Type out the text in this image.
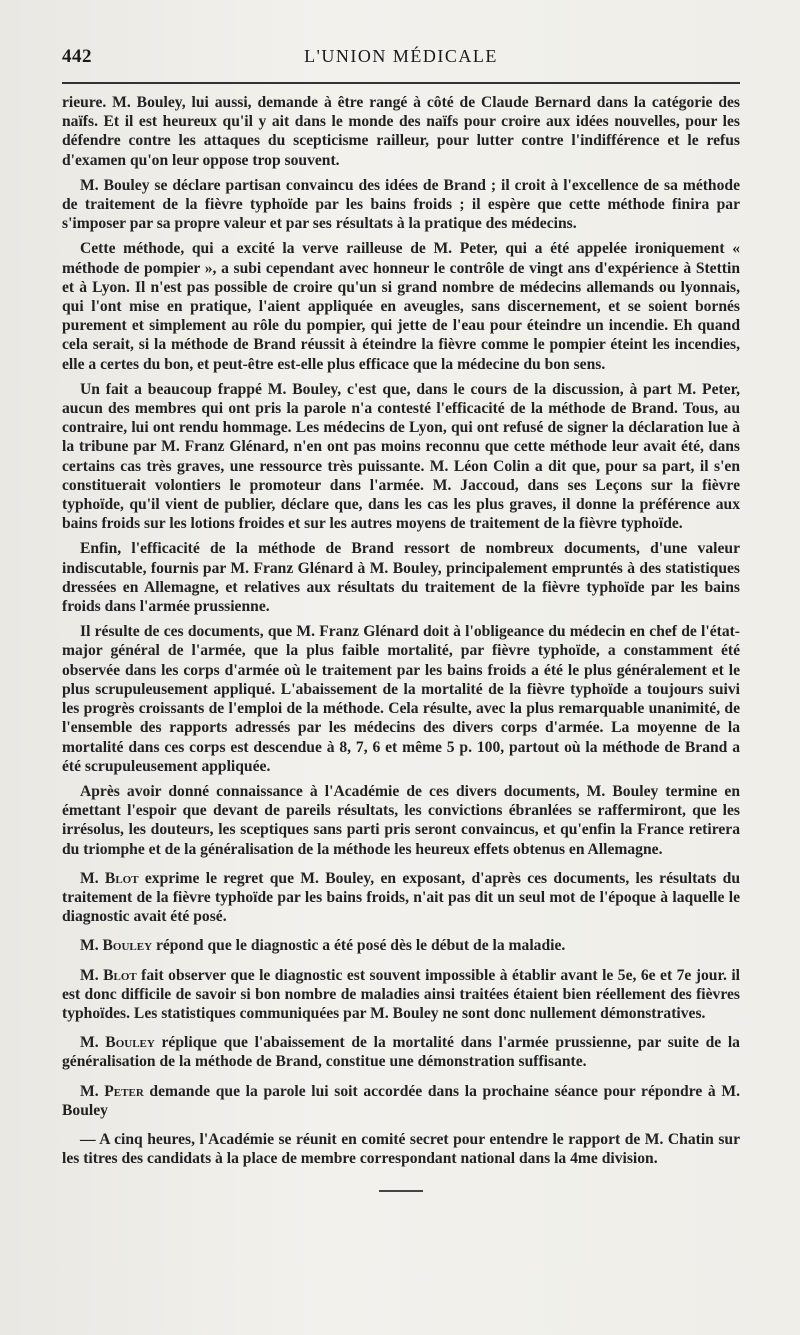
442	L'UNION MÉDICALE

rieure. M. Bouley, lui aussi, demande à être rangé à côté de Claude Bernard dans la catégorie des naïfs. Et il est heureux qu'il y ait dans le monde des naïfs pour croire aux idées nouvelles, pour les défendre contre les attaques du scepticisme railleur, pour lutter contre l'indifférence et le refus d'examen qu'on leur oppose trop souvent.

M. Bouley se déclare partisan convaincu des idées de Brand ; il croit à l'excellence de sa méthode de traitement de la fièvre typhoïde par les bains froids ; il espère que cette méthode finira par s'imposer par sa propre valeur et par ses résultats à la pratique des médecins.

Cette méthode, qui a excité la verve railleuse de M. Peter, qui a été appelée ironiquement « méthode de pompier », a subi cependant avec honneur le contrôle de vingt ans d'expérience à Stettin et à Lyon. Il n'est pas possible de croire qu'un si grand nombre de médecins allemands ou lyonnais, qui l'ont mise en pratique, l'aient appliquée en aveugles, sans discernement, et se soient bornés purement et simplement au rôle du pompier, qui jette de l'eau pour éteindre un incendie. Eh quand cela serait, si la méthode de Brand réussit à éteindre la fièvre comme le pompier éteint les incendies, elle a certes du bon, et peut-être est-elle plus efficace que la médecine du bon sens.

Un fait a beaucoup frappé M. Bouley, c'est que, dans le cours de la discussion, à part M. Peter, aucun des membres qui ont pris la parole n'a contesté l'efficacité de la méthode de Brand. Tous, au contraire, lui ont rendu hommage. Les médecins de Lyon, qui ont refusé de signer la déclaration lue à la tribune par M. Franz Glénard, n'en ont pas moins reconnu que cette méthode leur avait été, dans certains cas très graves, une ressource très puissante. M. Léon Colin a dit que, pour sa part, il s'en constituerait volontiers le promoteur dans l'armée. M. Jaccoud, dans ses Leçons sur la fièvre typhoïde, qu'il vient de publier, déclare que, dans les cas les plus graves, il donne la préférence aux bains froids sur les lotions froides et sur les autres moyens de traitement de la fièvre typhoïde.

Enfin, l'efficacité de la méthode de Brand ressort de nombreux documents, d'une valeur indiscutable, fournis par M. Franz Glénard à M. Bouley, principalement empruntés à des statistiques dressées en Allemagne, et relatives aux résultats du traitement de la fièvre typhoïde par les bains froids dans l'armée prussienne.

Il résulte de ces documents, que M. Franz Glénard doit à l'obligeance du médecin en chef de l'état-major général de l'armée, que la plus faible mortalité, par fièvre typhoïde, a constamment été observée dans les corps d'armée où le traitement par les bains froids a été le plus généralement et le plus scrupuleusement appliqué. L'abaissement de la mortalité de la fièvre typhoïde a toujours suivi les progrès croissants de l'emploi de la méthode. Cela résulte, avec la plus remarquable unanimité, de l'ensemble des rapports adressés par les médecins des divers corps d'armée. La moyenne de la mortalité dans ces corps est descendue à 8, 7, 6 et même 5 p. 100, partout où la méthode de Brand a été scrupuleusement appliquée.

Après avoir donné connaissance à l'Académie de ces divers documents, M. Bouley termine en émettant l'espoir que devant de pareils résultats, les convictions ébranlées se raffermiront, que les irrésolus, les douteurs, les sceptiques sans parti pris seront convaincus, et qu'enfin la France retirera du triomphe et de la généralisation de la méthode les heureux effets obtenus en Allemagne.

M. Blot exprime le regret que M. Bouley, en exposant, d'après ces documents, les résultats du traitement de la fièvre typhoïde par les bains froids, n'ait pas dit un seul mot de l'époque à laquelle le diagnostic avait été posé.

M. Bouley répond que le diagnostic a été posé dès le début de la maladie.

M. Blot fait observer que le diagnostic est souvent impossible à établir avant le 5e, 6e et 7e jour. il est donc difficile de savoir si bon nombre de maladies ainsi traitées étaient bien réellement des fièvres typhoïdes. Les statistiques communiquées par M. Bouley ne sont donc nullement démonstratives.

M. Bouley réplique que l'abaissement de la mortalité dans l'armée prussienne, par suite de la généralisation de la méthode de Brand, constitue une démonstration suffisante.

M. Peter demande que la parole lui soit accordée dans la prochaine séance pour répondre à M. Bouley

— A cinq heures, l'Académie se réunit en comité secret pour entendre le rapport de M. Chatin sur les titres des candidats à la place de membre correspondant national dans la 4me division.
